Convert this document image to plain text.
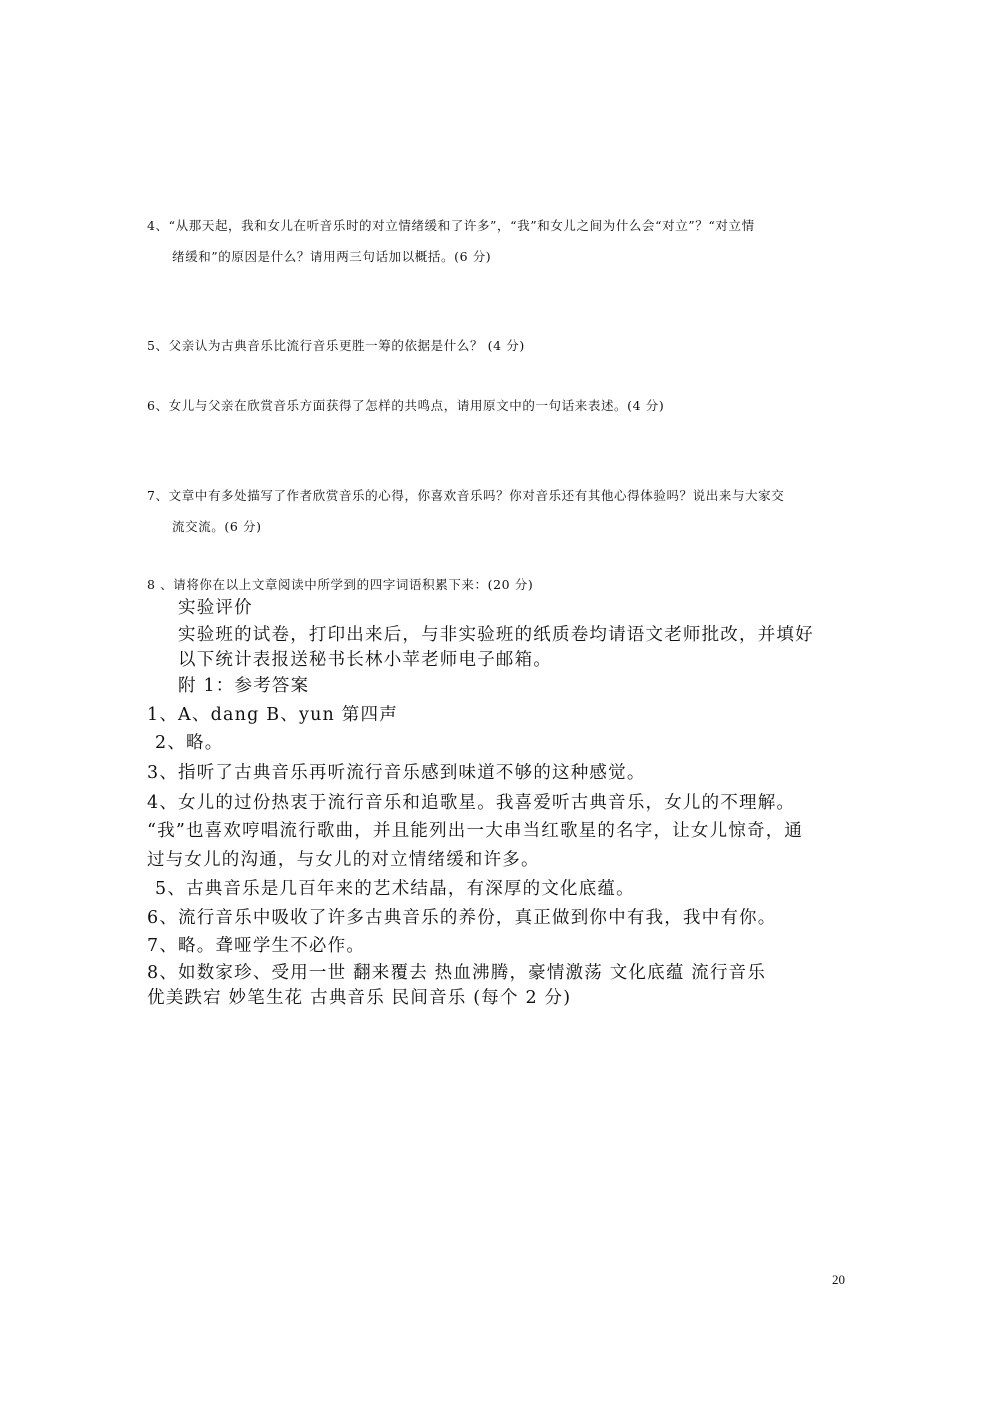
4、“从那天起，我和女儿在听音乐时的对立情绪缓和了许多”，“我”和女儿之间为什么会“对立”？“对立情
绪缓和”的原因是什么？请用两三句话加以概括。(6 分)
5、父亲认为古典音乐比流行音乐更胜一筹的依据是什么？ (4 分)
6、女儿与父亲在欣赏音乐方面获得了怎样的共鸣点，请用原文中的一句话来表述。(4 分)
7、文章中有多处描写了作者欣赏音乐的心得，你喜欢音乐吗？你对音乐还有其他心得体验吗？说出来与大家交
流交流。(6 分)
8 、请将你在以上文章阅读中所学到的四字词语积累下来：(20 分)
实验评价
实验班的试卷，打印出来后，与非实验班的纸质卷均请语文老师批改，并填好
以下统计表报送秘书长林小苹老师电子邮箱。
附 1：参考答案
1、A、dang B、yun 第四声
2、略。
3、指听了古典音乐再听流行音乐感到味道不够的这种感觉。
4、女儿的过份热衷于流行音乐和追歌星。我喜爱听古典音乐，女儿的不理解。
“我”也喜欢哼唱流行歌曲，并且能列出一大串当红歌星的名字，让女儿惊奇，通
过与女儿的沟通，与女儿的对立情绪缓和许多。
5、古典音乐是几百年来的艺术结晶，有深厚的文化底蕴。
6、流行音乐中吸收了许多古典音乐的养份，真正做到你中有我，我中有你。
7、略。聋哑学生不必作。
8、如数家珍、受用一世 翻来覆去 热血沸腾，豪情激荡 文化底蕴 流行音乐
优美跌宕 妙笔生花 古典音乐 民间音乐 (每个 2 分)
20
